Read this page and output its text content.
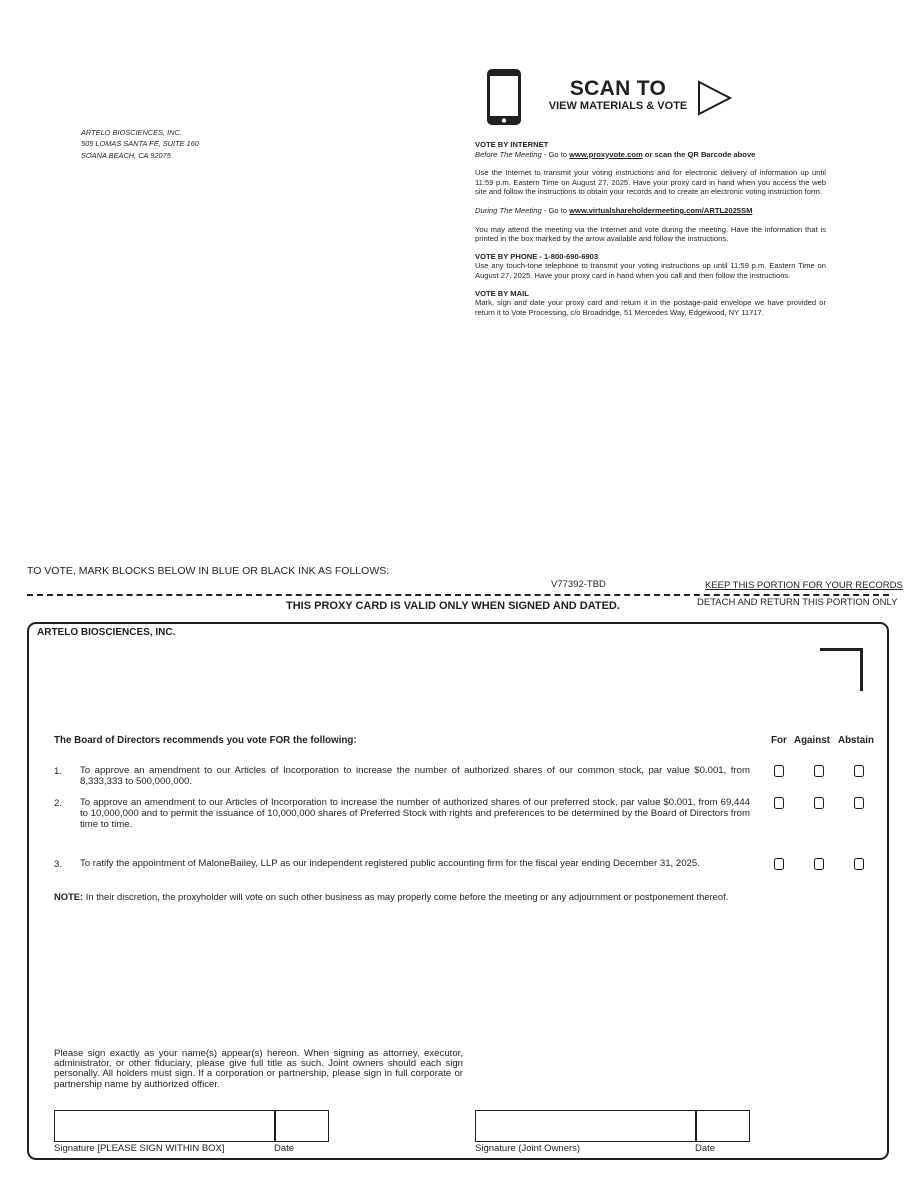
ARTELO BIOSCIENCES, INC.
505 LOMAS SANTA FE, SUITE 160
SOANA BEACH, CA 92075
SCAN TO
VIEW MATERIALS & VOTE

VOTE BY INTERNET

Before The Meeting - Go to www.proxyvote.com or scan the QR Barcode above

Use the Internet to transmit your voting instructions and for electronic delivery of information up until 11:59 p.m. Eastern Time on August 27, 2025. Have your proxy card in hand when you access the web site and follow the instructions to obtain your records and to create an electronic voting instruction form.

During The Meeting - Go to www.virtualshareholdermeeting.com/ARTL2025SM

You may attend the meeting via the Internet and vote during the meeting. Have the information that is printed in the box marked by the arrow available and follow the instructions.

VOTE BY PHONE - 1-800-690-6903

Use any touch-tone telephone to transmit your voting instructions up until 11:59 p.m. Eastern Time on August 27, 2025. Have your proxy card in hand when you call and then follow the instructions.

VOTE BY MAIL

Mark, sign and date your proxy card and return it in the postage-paid envelope we have provided or return it to Vote Processing, c/o Broadridge, 51 Mercedes Way, Edgewood, NY 11717.

TO VOTE, MARK BLOCKS BELOW IN BLUE OR BLACK INK AS FOLLOWS:
V77392-TBD	KEEP THIS PORTION FOR YOUR RECORDS
DETACH AND RETURN THIS PORTION ONLY
THIS PROXY CARD IS VALID ONLY WHEN SIGNED AND DATED.
ARTELO BIOSCIENCES, INC.
The Board of Directors recommends you vote FOR the following:	For Against Abstain
1. To approve an amendment to our Articles of Incorporation to increase the number of authorized shares of our common stock, par value $0.001, from 8,333,333 to 500,000,000.
2. To approve an amendment to our Articles of Incorporation to increase the number of authorized shares of our preferred stock, par value $0.001, from 69,444 to 10,000,000 and to permit the issuance of 10,000,000 shares of Preferred Stock with rights and preferences to be determined by the Board of Directors from time to time.
3. To ratify the appointment of MaloneBailey, LLP as our independent registered public accounting firm for the fiscal year ending December 31, 2025.
NOTE: In their discretion, the proxyholder will vote on such other business as may properly come before the meeting or any adjournment or postponement thereof.
Please sign exactly as your name(s) appear(s) hereon. When signing as attorney, executor, administrator, or other fiduciary, please give full title as such. Joint owners should each sign personally. All holders must sign. If a corporation or partnership, please sign in full corporate or partnership name by authorized officer.
Signature [PLEASE SIGN WITHIN BOX]	Date	Signature (Joint Owners)	Date
